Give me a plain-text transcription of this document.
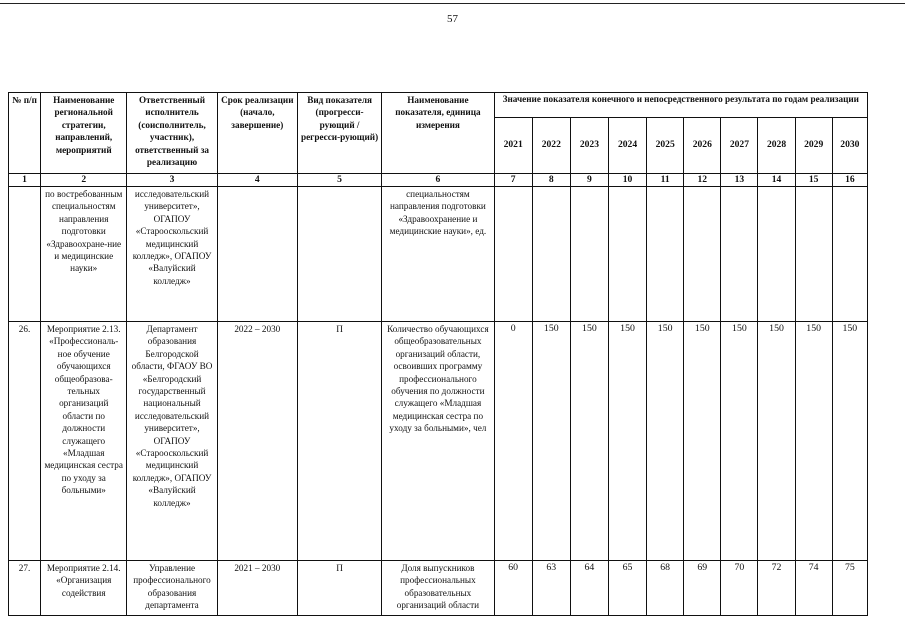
57
№ п/п	Наименование региональной стратегии, направлений, мероприятий	Ответственный исполнитель (соисполнитель, участник), ответственный за реализацию	Срок реализации (начало, завершение)	Вид показателя (прогресси-рующий / регресси-рующий)	Наименование показателя, единица измерения	Значение показателя конечного и непосредственного результата по годам реализации									
						2021	2022	2023	2024	2025	2026	2027	2028	2029	2030
1	2	3	4	5	6	7	8	9	10	11	12	13	14	15	16
	по востребованным специальностям направления подготовки «Здравоохране-ние и медицинские науки»	исследовательский университет», ОГАПОУ «Старооскольский медицинский колледж», ОГАПОУ «Валуйский колледж»			специальностям направления подготовки «Здравоохранение и медицинские науки», ед.										
26.	Мероприятие 2.13. «Профессиональ-ное обучение обучающихся общеобразова-тельных организаций области по должности служащего «Младшая медицинская сестра по уходу за больными»	Департамент образования Белгородской области, ФГАОУ ВО «Белгородский государственный национальный исследовательский университет», ОГАПОУ «Старооскольский медицинский колледж», ОГАПОУ «Валуйский колледж»	2022 – 2030	П	Количество обучающихся общеобразовательных организаций области, освоивших программу профессионального обучения по должности служащего «Младшая медицинская сестра по уходу за больными», чел	0	150	150	150	150	150	150	150	150	150
27.	Мероприятие 2.14. «Организация содействия	Управление профессионального образования департамента	2021 – 2030	П	Доля выпускников профессиональных образовательных организаций области	60	63	64	65	68	69	70	72	74	75
